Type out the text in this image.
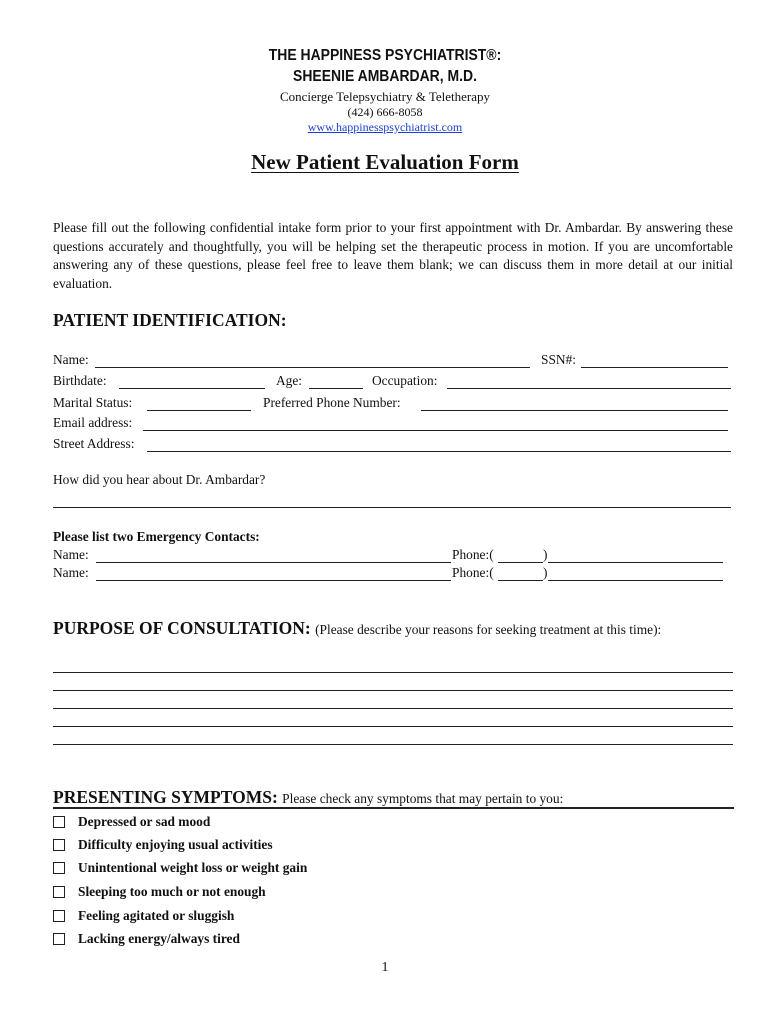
THE HAPPINESS PSYCHIATRIST®:
SHEENIE AMBARDAR, M.D.
Concierge Telepsychiatry & Teletherapy
(424) 666-8058
www.happinesspsychiatrist.com
New Patient Evaluation Form
Please fill out the following confidential intake form prior to your first appointment with Dr. Ambardar. By answering these questions accurately and thoughtfully, you will be helping set the therapeutic process in motion. If you are uncomfortable answering any of these questions, please feel free to leave them blank; we can discuss them in more detail at our initial evaluation.
PATIENT IDENTIFICATION:
Name:	SSN#:
Birthdate:	Age:	Occupation:
Marital Status:	Preferred Phone Number:
Email address:
Street Address:
How did you hear about Dr. Ambardar?
Please list two Emergency Contacts:
Name:	Phone:(	)
Name:	Phone:(	)
PURPOSE OF CONSULTATION: (Please describe your reasons for seeking treatment at this time):
PRESENTING SYMPTOMS: Please check any symptoms that may pertain to you:
Depressed or sad mood
Difficulty enjoying usual activities
Unintentional weight loss or weight gain
Sleeping too much or not enough
Feeling agitated or sluggish
Lacking energy/always tired
1
